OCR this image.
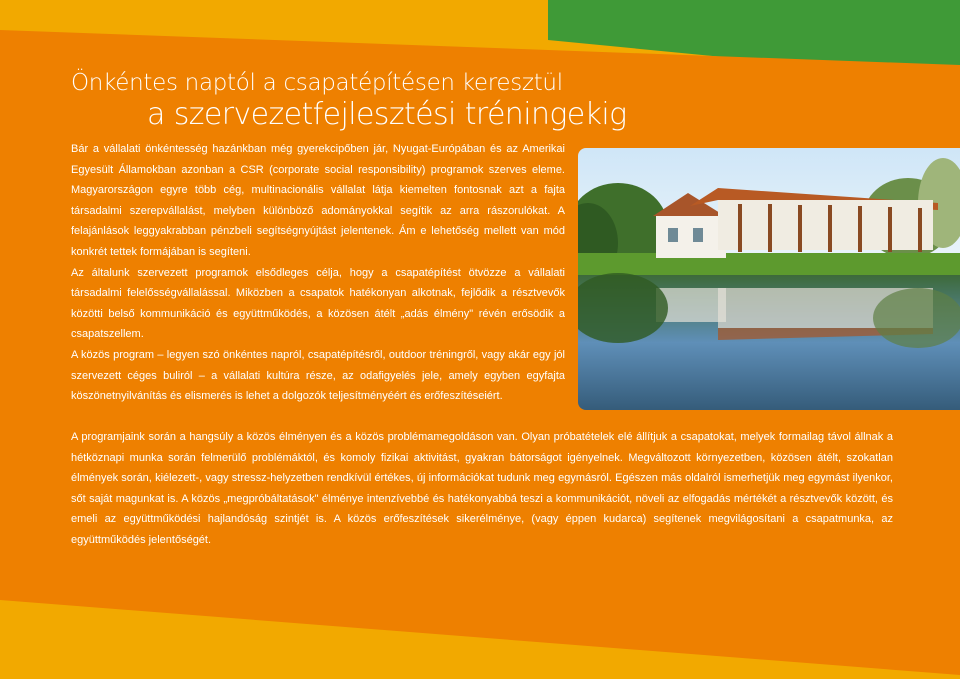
Önkéntes naptól a csapatépítésen keresztül
a szervezetfejlesztési tréningekig

Bár a vállalati önkéntesség hazánkban még gyerekcipőben jár, Nyugat-Európában és az Amerikai Egyesült Államokban azonban a CSR (corporate social responsibility) programok szerves eleme. Magyarországon egyre több cég, multinacionális vállalat látja kiemelten fontosnak azt a fajta társadalmi szerepvállalást, melyben különböző adományokkal segítik az arra rászorulókat. A felajánlások leggyakrabban pénzbeli segítségnyújtást jelentenek. Ám e lehetőség mellett van mód konkrét tettek formájában is segíteni.

Az általunk szervezett programok elsődleges célja, hogy a csapatépítést ötvözze a vállalati társadalmi felelősségvállalással. Miközben a csapatok hatékonyan alkotnak, fejlődik a résztvevők közötti belső kommunikáció és együttműködés, a közösen átélt „adás élmény" révén erősödik a csapatszellem.

A közös program – legyen szó önkéntes napról, csapatépítésről, outdoor tréningről, vagy akár egy jól szervezett céges buliról – a vállalati kultúra része, az odafigyelés jele, amely egyben egyfajta köszönetnyilvánítás és elismerés is lehet a dolgozók teljesítményéért és erőfeszítéseiért.

A programjaink során a hangsúly a közös élményen és a közös problémamegoldáson van. Olyan próbatételek elé állítjuk a csapatokat, melyek formailag távol állnak a hétköznapi munka során felmerülő problémáktól, és komoly fizikai aktivitást, gyakran bátorságot igényelnek. Megváltozott környezetben, közösen átélt, szokatlan élmények során, kiélezett-, vagy stressz-helyzetben rendkívül értékes, új információkat tudunk meg egymásról. Egészen más oldalról ismerhetjük meg egymást ilyenkor, sőt saját magunkat is. A közös „megpróbáltatások" élménye intenzívebbé és hatékonyabbá teszi a kommunikációt, növeli az elfogadás mértékét a résztvevők között, és emeli az együttműködési hajlandóság szintjét is. A közös erőfeszítések sikerélménye, (vagy éppen kudarca) segítenek megvilágosítani a csapatmunka, az együttműködés jelentőségét.
